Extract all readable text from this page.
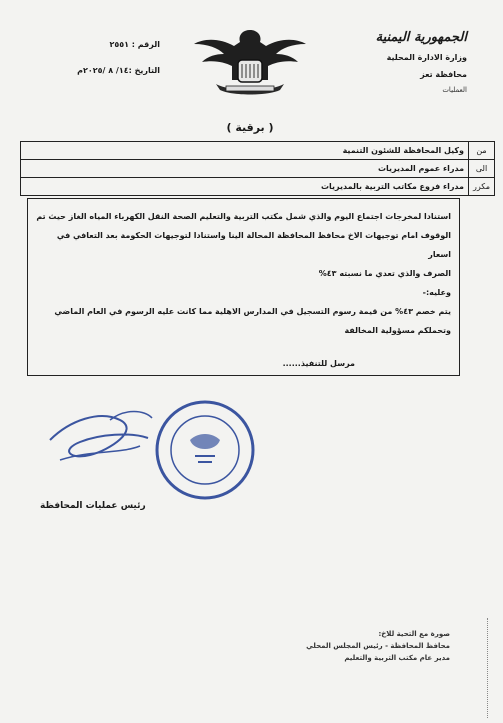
الجمهورية اليمنية
وزارة الادارة المحلية
محافظة تعز
العمليات
الرقم : ٢٥٥١
التاريخ :١٤/ ٨ /٢٠٢٥م
( برقية )
من	وكيل المحافظة للشئون التنمية
الى	مدراء عموم المديريات
مكرر	مدراء فروع مكاتب التربية بالمديريات

استنادا لمخرجات اجتماع اليوم والذي شمل مكتب التربية والتعليم الصحة النقل الكهرباء المياه الغاز حيث تم

الوقوف امام توجيهات الاخ محافظ المحافظة المحالة الينا واستنادا لتوجيهات الحكومة بعد التعافي في اسعار

الصرف والذي تعدي ما نسبته ٤٣%

وعليه:-

يتم خصم ٤٣% من قيمة رسوم التسجيل في المدارس الاهلية مما كانت عليه الرسوم في العام الماضي

وتحملكم مسؤولية المخالفة

مرسل للتنفيذ......

رئيس عمليات المحافظة
صورة مع التحية للاخ:
محافظ المحافظة - رئيس المجلس المحلي
مدير عام مكتب التربية والتعليم
